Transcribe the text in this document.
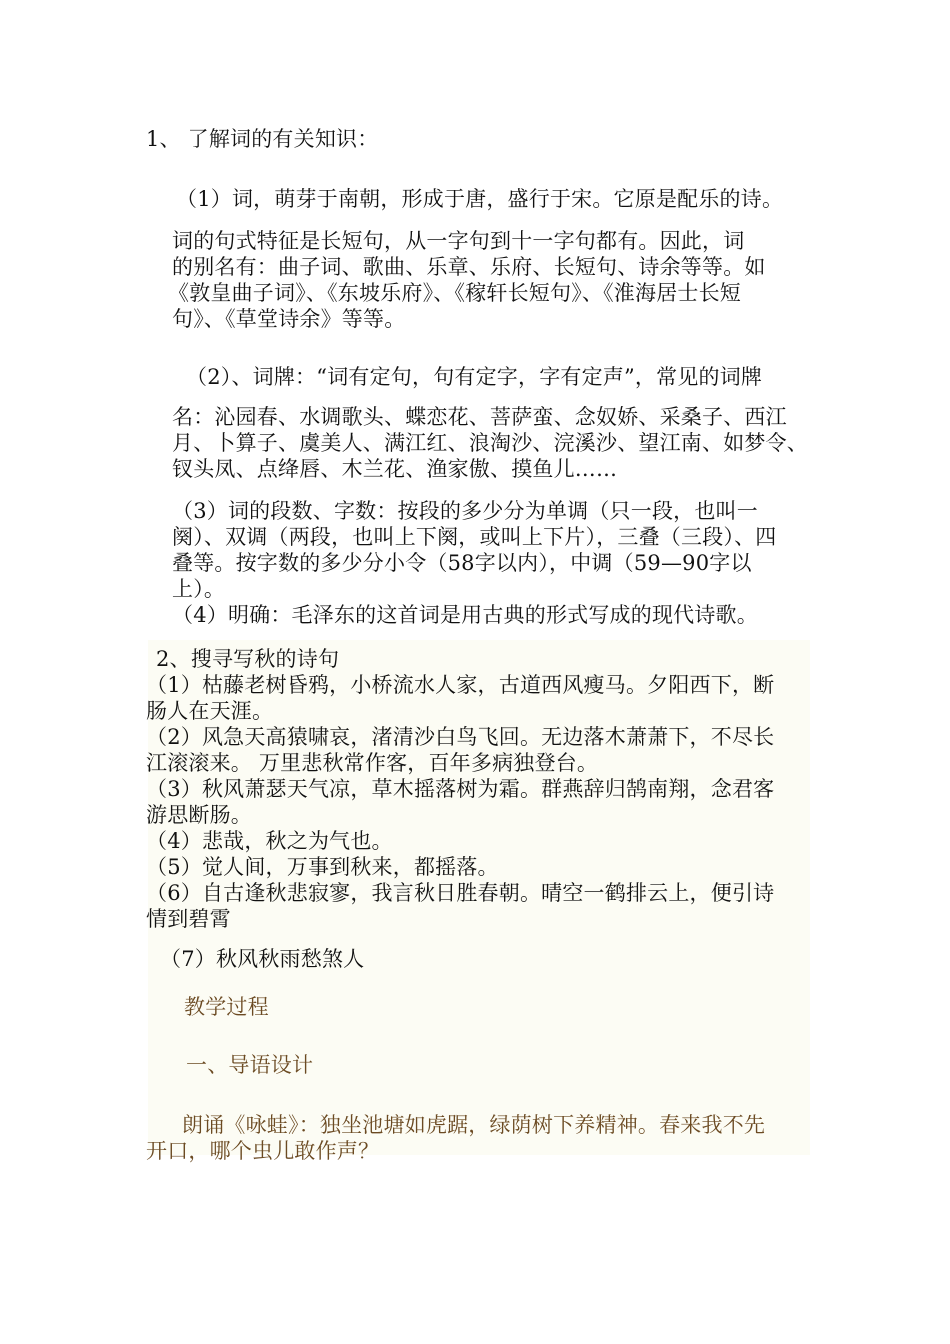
1、 了解词的有关知识：
（1）词，萌芽于南朝，形成于唐，盛行于宋。它原是配乐的诗。
词的句式特征是长短句，从一字句到十一字句都有。因此，词
的别名有：曲子词、歌曲、乐章、乐府、长短句、诗余等等。如
《敦皇曲子词》、《东坡乐府》、《稼轩长短句》、《淮海居士长短
句》、《草堂诗余》等等。
（2）、词牌：“词有定句，句有定字，字有定声”，常见的词牌
名：沁园春、水调歌头、蝶恋花、菩萨蛮、念奴娇、采桑子、西江
月、卜算子、虞美人、满江红、浪淘沙、浣溪沙、望江南、如梦令、
钗头凤、点绛唇、木兰花、渔家傲、摸鱼儿……
（3）词的段数、字数：按段的多少分为单调（只一段，也叫一
阕）、双调（两段，也叫上下阕，或叫上下片），三叠（三段）、四
叠等。按字数的多少分小令（58字以内），中调（59—90字以
上）。
（4）明确：毛泽东的这首词是用古典的形式写成的现代诗歌。
2、搜寻写秋的诗句
（1）枯藤老树昏鸦，小桥流水人家，古道西风瘦马。夕阳西下，断
肠人在天涯。
（2）风急天高猿啸哀，渚清沙白鸟飞回。无边落木萧萧下，不尽长
江滚滚来。 万里悲秋常作客，百年多病独登台。
（3）秋风萧瑟天气凉，草木摇落树为霜。群燕辞归鹄南翔，念君客
游思断肠。
（4）悲哉，秋之为气也。
（5）觉人间，万事到秋来，都摇落。
（6）自古逢秋悲寂寥，我言秋日胜春朝。晴空一鹤排云上，便引诗
情到碧霄
（7）秋风秋雨愁煞人
教学过程
一、导语设计
朗诵《咏蛙》：独坐池塘如虎踞，绿荫树下养精神。春来我不先
开口，哪个虫儿敢作声？
